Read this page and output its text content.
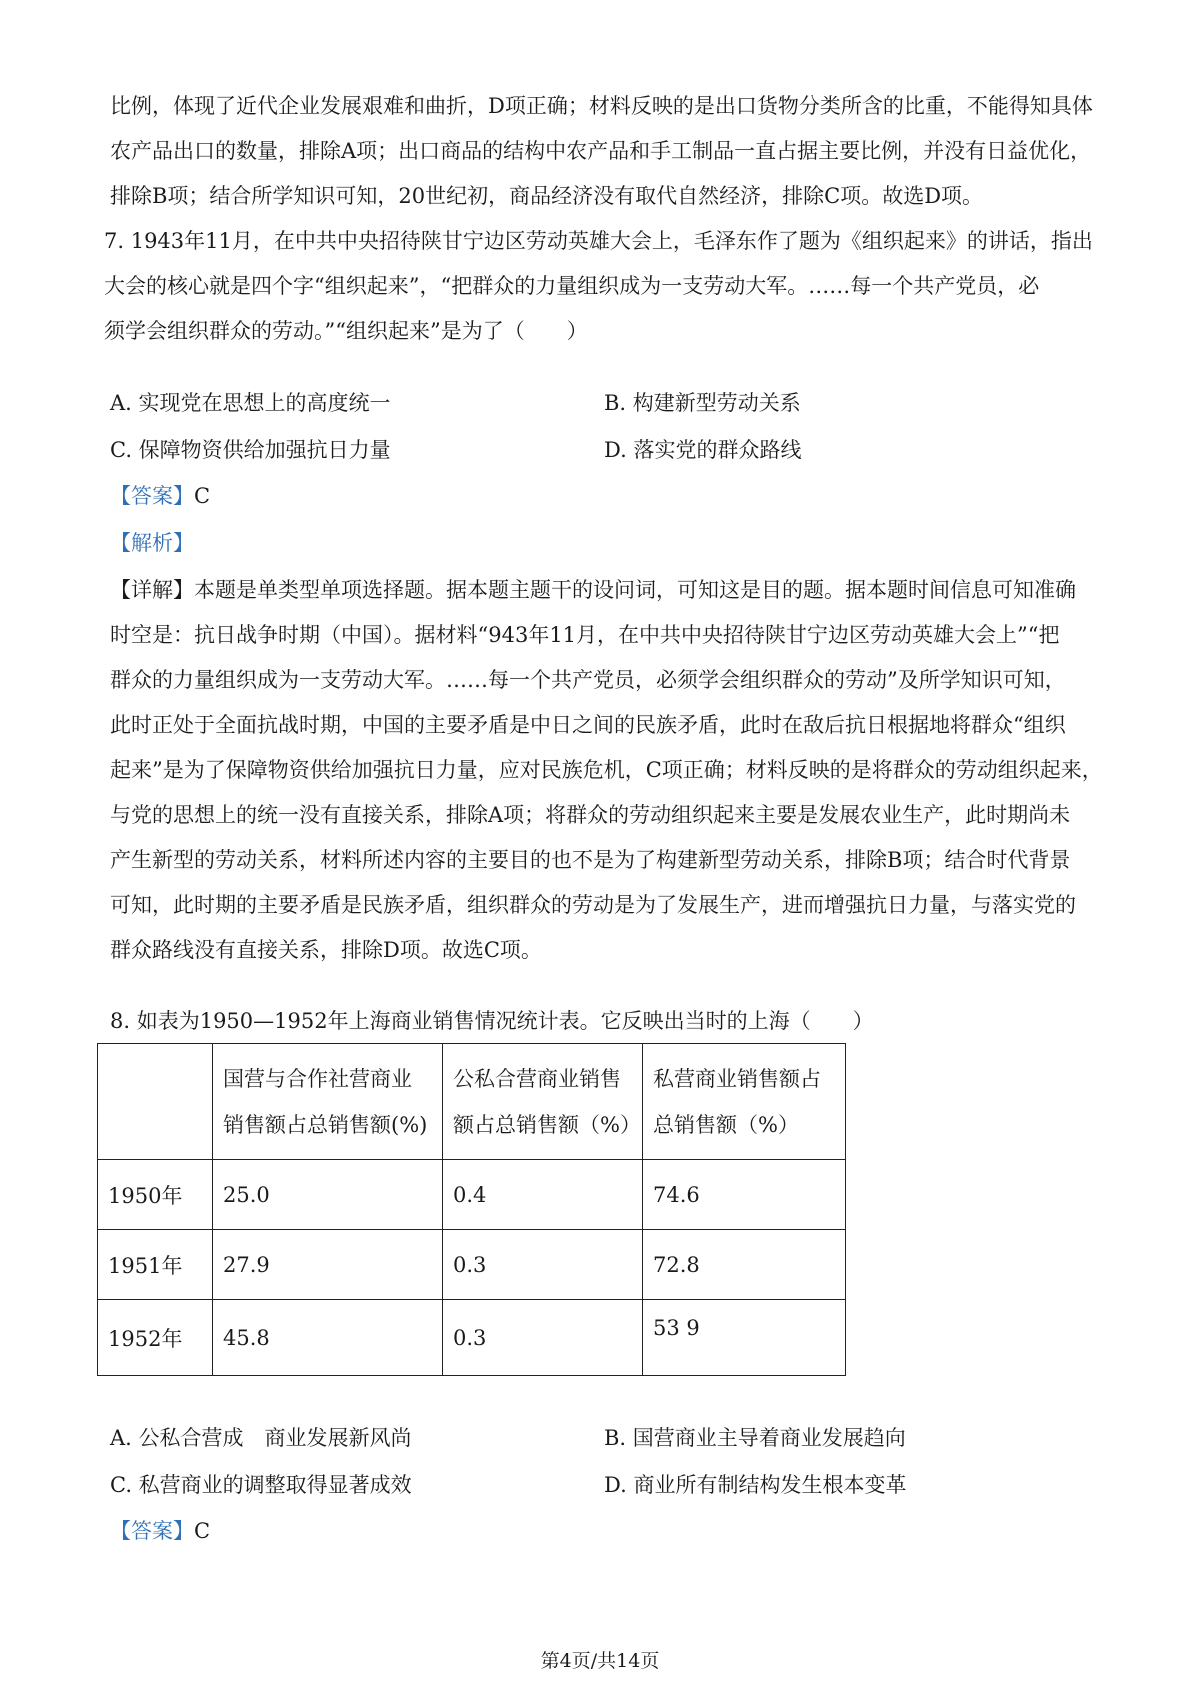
比例，体现了近代企业发展艰难和曲折，D项正确；材料反映的是出口货物分类所含的比重，不能得知具体
农产品出口的数量，排除A项；出口商品的结构中农产品和手工制品一直占据主要比例，并没有日益优化，
排除B项；结合所学知识可知，20世纪初，商品经济没有取代自然经济，排除C项。故选D项。
7. 1943年11月，在中共中央招待陕甘宁边区劳动英雄大会上，毛泽东作了题为《组织起来》的讲话，指出
大会的核心就是四个字“组织起来”，“把群众的力量组织成为一支劳动大军。……每一个共产党员，必
须学会组织群众的劳动。”“组织起来”是为了（　　）
A. 实现党在思想上的高度统一	B. 构建新型劳动关系
C. 保障物资供给加强抗日力量	D. 落实党的群众路线
【答案】C
【解析】
【详解】本题是单类型单项选择题。据本题主题干的设问词，可知这是目的题。据本题时间信息可知准确
时空是：抗日战争时期（中国）。据材料“943年11月，在中共中央招待陕甘宁边区劳动英雄大会上”“把
群众的力量组织成为一支劳动大军。……每一个共产党员，必须学会组织群众的劳动”及所学知识可知，
此时正处于全面抗战时期，中国的主要矛盾是中日之间的民族矛盾，此时在敌后抗日根据地将群众“组织
起来”是为了保障物资供给加强抗日力量，应对民族危机，C项正确；材料反映的是将群众的劳动组织起来，
与党的思想上的统一没有直接关系，排除A项；将群众的劳动组织起来主要是发展农业生产，此时期尚未
产生新型的劳动关系，材料所述内容的主要目的也不是为了构建新型劳动关系，排除B项；结合时代背景
可知，此时期的主要矛盾是民族矛盾，组织群众的劳动是为了发展生产，进而增强抗日力量，与落实党的
群众路线没有直接关系，排除D项。故选C项。
8. 如表为1950—1952年上海商业销售情况统计表。它反映出当时的上海（　　）
	国营与合作社营商业销售额占总销售额(%)	公私合营商业销售额占总销售额（%）	私营商业销售额占总销售额（%）
1950年	25.0	0.4	74.6
1951年	27.9	0.3	72.8
1952年	45.8	0.3	53 9
A. 公私合营成　商业发展新风尚	B. 国营商业主导着商业发展趋向
C. 私营商业的调整取得显著成效	D. 商业所有制结构发生根本变革
【答案】C
第4页/共14页
